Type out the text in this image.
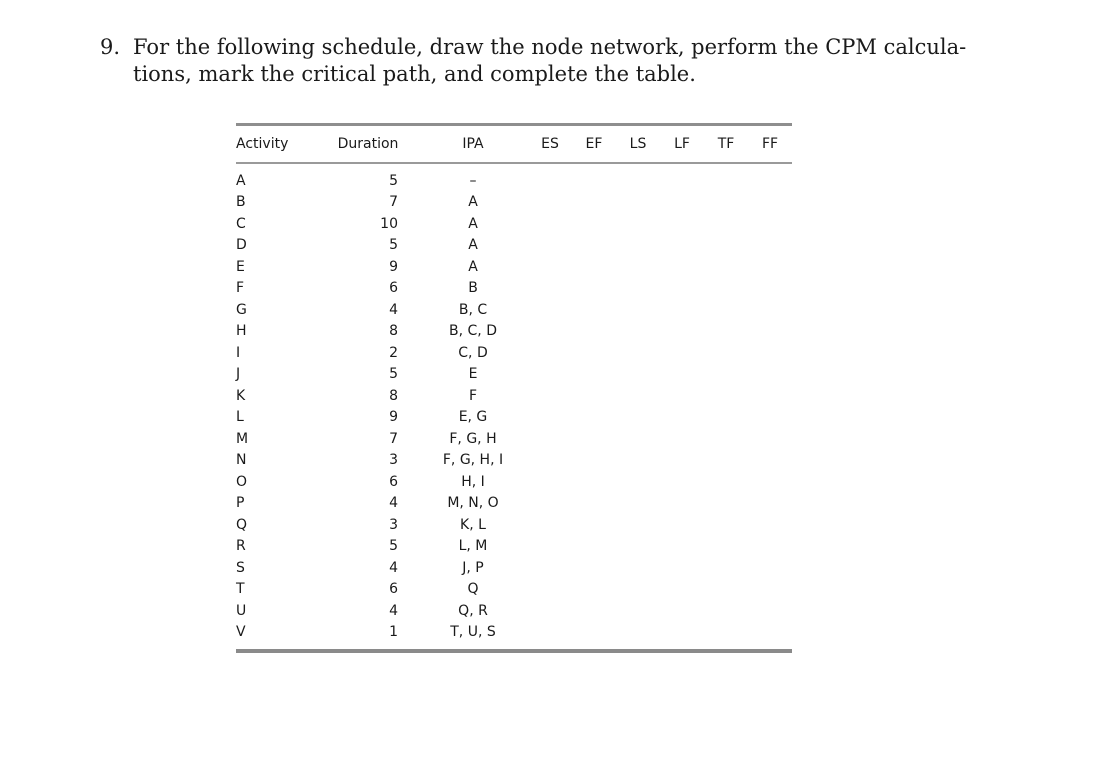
9. For the following schedule, draw the node network, perform the CPM calcula-
tions, mark the critical path, and complete the table.
Activity	Duration	IPA	ES	EF	LS	LF	TF	FF
A	5	–						
B	7	A						
C	10	A						
D	5	A						
E	9	A						
F	6	B						
G	4	B, C						
H	8	B, C, D						
I	2	C, D						
J	5	E						
K	8	F						
L	9	E, G						
M	7	F, G, H						
N	3	F, G, H, I						
O	6	H, I						
P	4	M, N, O						
Q	3	K, L						
R	5	L, M						
S	4	J, P						
T	6	Q						
U	4	Q, R						
V	1	T, U, S						
